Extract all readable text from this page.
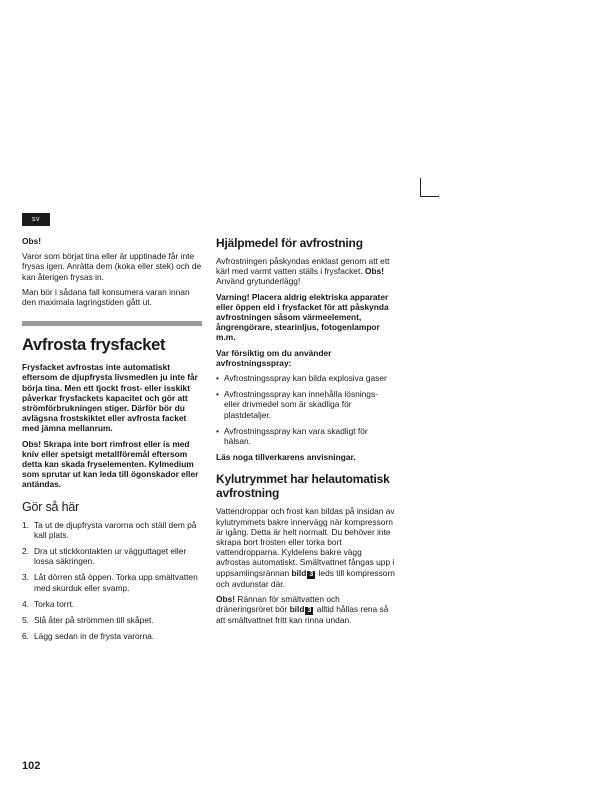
sv

Obs!

Varor som börjat tina eller är upptinade får inte frysas igen. Anrätta dem (koka eller stek) och de kan återigen frysas in.

Man bör i sådana fall konsumera varan innan den maximala lagringstiden gått ut.

Avfrosta frysfacket

Frysfacket avfrostas inte automatiskt eftersom de djupfrysta livsmedlen ju inte får börja tina. Men ett tjockt frost- eller isskikt påverkar frysfackets kapacitet och gör att strömförbrukningen stiger. Därför bör du avlägsna frostskiktet eller avfrosta facket med jämna mellanrum.

Obs! Skrapa inte bort rimfrost eller is med kniv eller spetsigt metallföremål eftersom detta kan skada fryselementen. Kylmedium som sprutar ut kan leda till ögonskador eller antändas.

Gör så här
1. Ta ut de djupfrysta varorna och ställ dem på kall plats.
2. Dra ut stickkontakten ur vägguttaget eller lossa säkringen.
3. Låt dörren stå öppen. Torka upp smältvatten med skurduk eller svamp.
4. Torka torrt.
5. Slå åter på strömmen till skåpet.
6. Lägg sedan in de frysta varorna.
Hjälpmedel för avfrostning

Avfrostningen påskyndas enklast genom att ett kärl med varmt vatten ställs i frysfacket. Obs! Använd grytunderlägg!

Varning! Placera aldrig elektriska apparater eller öppen eld i frysfacket för att påskynda avfrostningen såsom värmeelement, ångrengörare, stearinljus, fotogenlampor m.m.

Var försiktig om du använder avfrostningsspray:

• Avfrostningsspray kan bilda explosiva gaser
• Avfrostningsspray kan innehålla lösnings- eller drivmedel som är skadliga för plastdetaljer.
• Avfrostningsspray kan vara skadligt för hälsan.

Läs noga tillverkarens anvisningar.

Kylutrymmet har helautomatisk avfrostning

Vattendroppar och frost kan bildas på insidan av kylutrymmets bakre innervägg när kompressorn är igång. Detta är helt normalt. Du behöver inte skrapa bort frosten eller torka bort vattendropparna. Kyldelens bakre vägg avfrostas automatiskt. Smältvattnet fångas upp i uppsamlingsrännan bild 3 leds till kompressorn och avdunstar där.

Obs! Rännan för smältvatten och dräneringsröret bör bild 3 alltid hållas rena så att smältvattnet fritt kan rinna undan.

102
